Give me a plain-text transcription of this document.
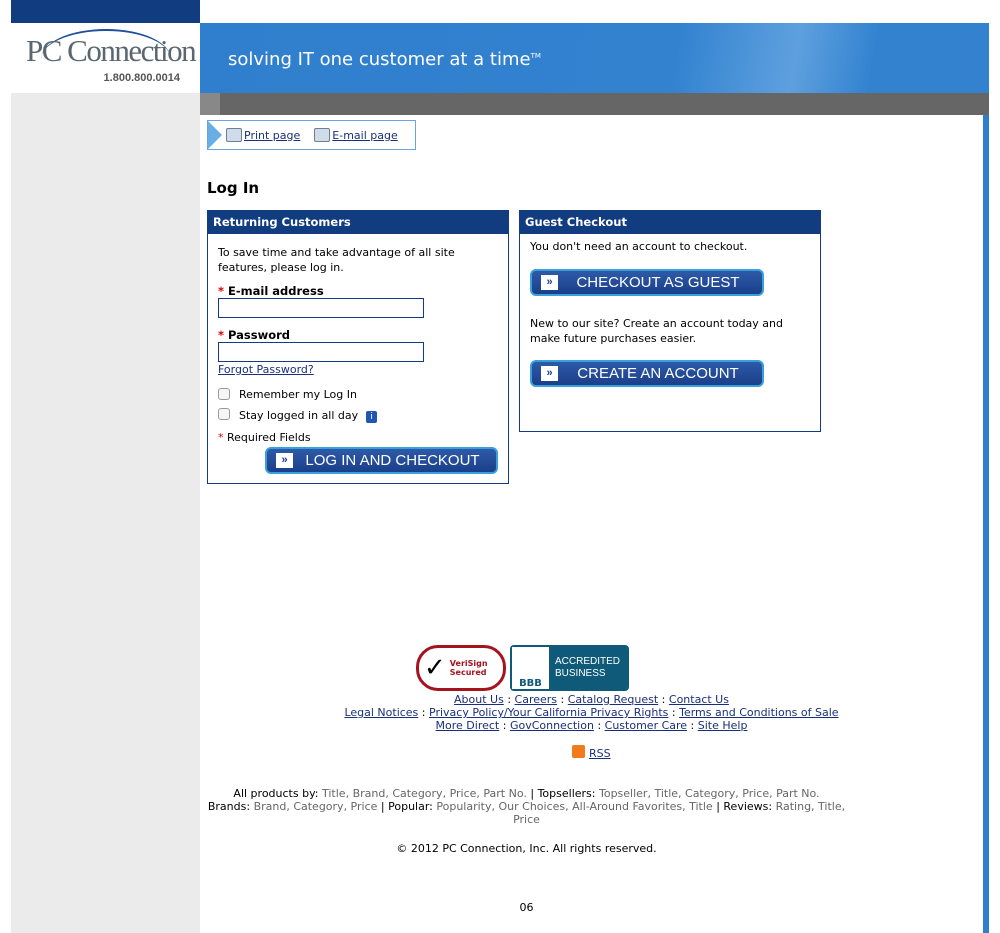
PC Connection
1.800.800.0014
solving IT one customer at a time™
Print page	E-mail page
Log In
Returning Customers
To save time and take advantage of all site features, please log in.
* E-mail address
* Password
Forgot Password?
Remember my Log In
Stay logged in all day i
* Required Fields
»	LOG IN AND CHECKOUT
Guest Checkout
You don't need an account to checkout.
»	CHECKOUT AS GUEST
New to our site? Create an account today and make future purchases easier.
»	CREATE AN ACCOUNT
✓ VeriSign Secured
BBB
ACCREDITED BUSINESS
About Us : Careers : Catalog Request : Contact Us
Legal Notices : Privacy Policy/Your California Privacy Rights : Terms and Conditions of Sale
More Direct : GovConnection : Customer Care : Site Help
RSS
All products by: Title, Brand, Category, Price, Part No. | Topsellers: Topseller, Title, Category, Price, Part No.
Brands: Brand, Category, Price | Popular: Popularity, Our Choices, All-Around Favorites, Title | Reviews: Rating, Title, Price
© 2012 PC Connection, Inc. All rights reserved.
06
